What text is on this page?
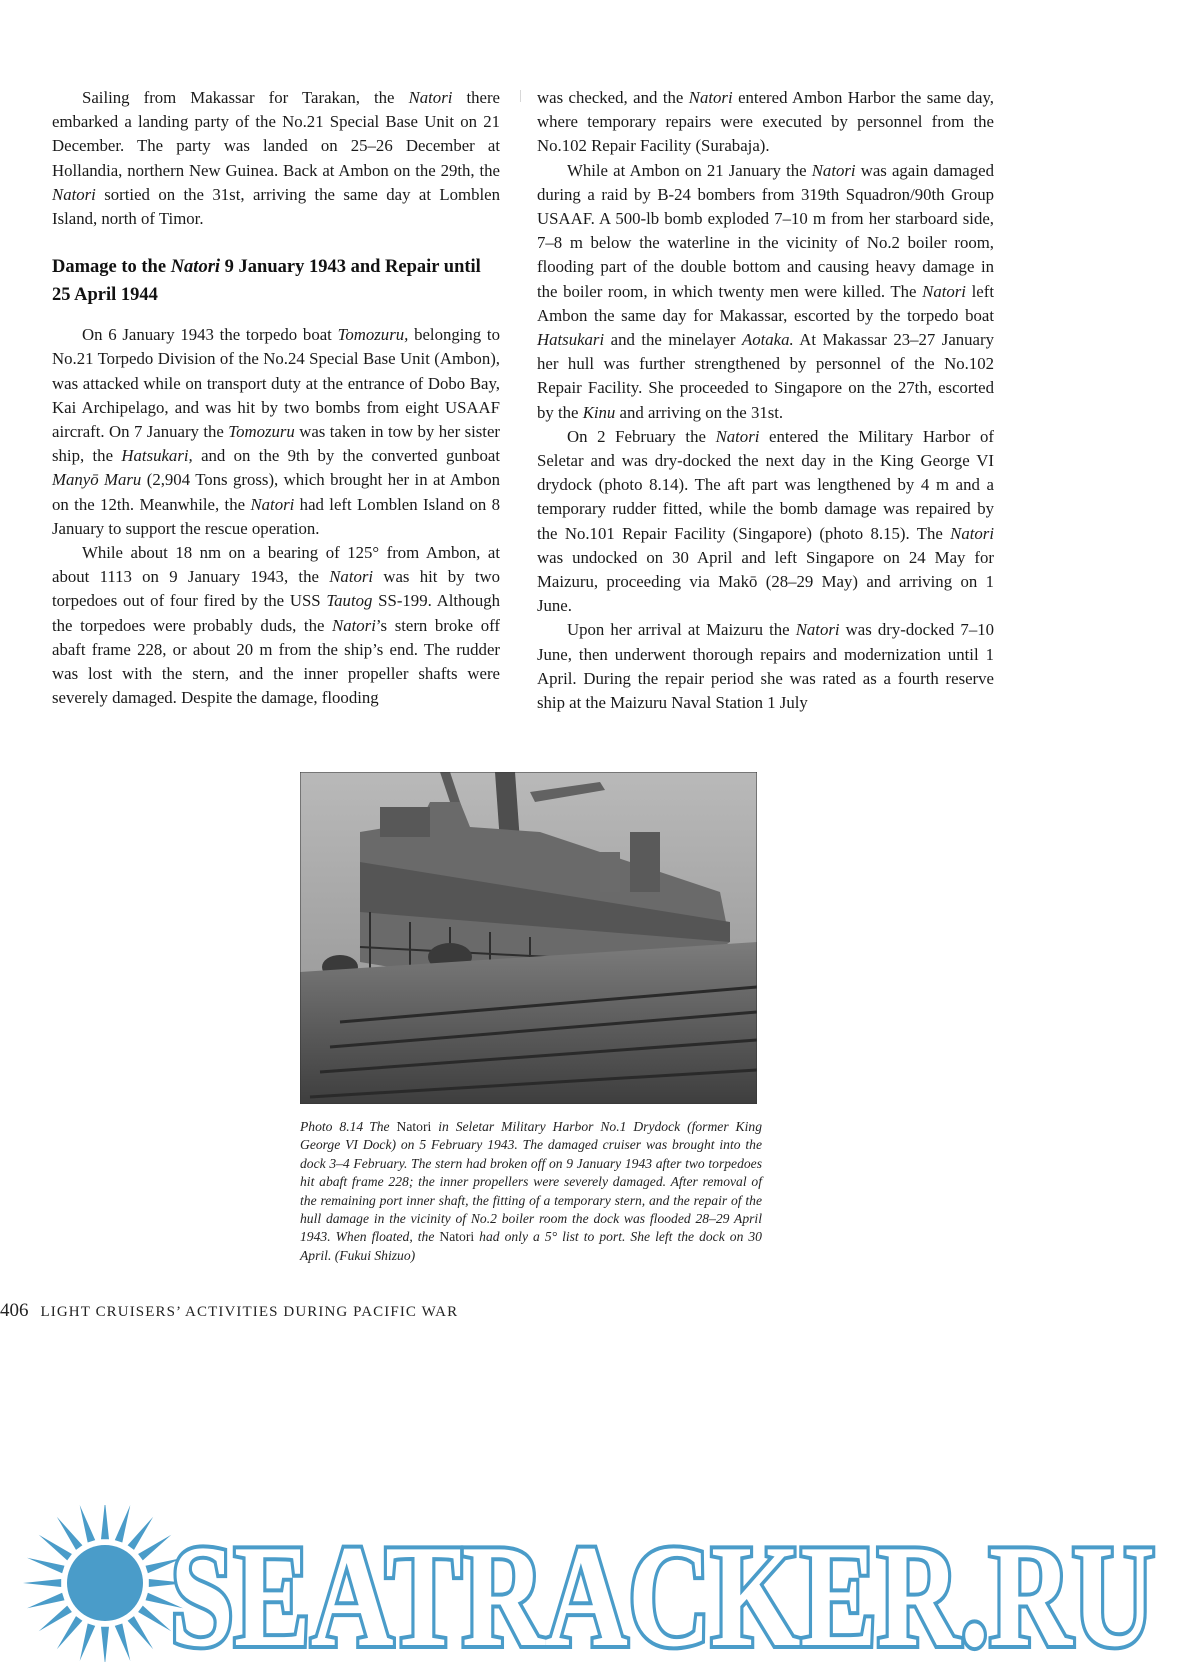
Sailing from Makassar for Tarakan, the Natori there embarked a landing party of the No.21 Special Base Unit on 21 December. The party was landed on 25–26 December at Hollandia, northern New Guinea. Back at Ambon on the 29th, the Natori sortied on the 31st, arriving the same day at Lomblen Island, north of Timor.

Damage to the Natori 9 January 1943 and Repair until 25 April 1944

On 6 January 1943 the torpedo boat Tomozuru, belonging to No.21 Torpedo Division of the No.24 Special Base Unit (Ambon), was attacked while on transport duty at the entrance of Dobo Bay, Kai Archipelago, and was hit by two bombs from eight USAAF aircraft. On 7 January the Tomozuru was taken in tow by her sister ship, the Hatsukari, and on the 9th by the converted gunboat Manyō Maru (2,904 Tons gross), which brought her in at Ambon on the 12th. Meanwhile, the Natori had left Lomblen Island on 8 January to support the rescue operation.

While about 18 nm on a bearing of 125° from Ambon, at about 1113 on 9 January 1943, the Natori was hit by two torpedoes out of four fired by the USS Tautog SS-199. Although the torpedoes were probably duds, the Natori’s stern broke off abaft frame 228, or about 20 m from the ship’s end. The rudder was lost with the stern, and the inner propeller shafts were severely damaged. Despite the damage, flooding

was checked, and the Natori entered Ambon Harbor the same day, where temporary repairs were executed by personnel from the No.102 Repair Facility (Surabaja).

While at Ambon on 21 January the Natori was again damaged during a raid by B-24 bombers from 319th Squadron/90th Group USAAF. A 500-lb bomb exploded 7–10 m from her starboard side, 7–8 m below the waterline in the vicinity of No.2 boiler room, flooding part of the double bottom and causing heavy damage in the boiler room, in which twenty men were killed. The Natori left Ambon the same day for Makassar, escorted by the torpedo boat Hatsukari and the minelayer Aotaka. At Makassar 23–27 January her hull was further strengthened by personnel of the No.102 Repair Facility. She proceeded to Singapore on the 27th, escorted by the Kinu and arriving on the 31st.

On 2 February the Natori entered the Military Harbor of Seletar and was dry-docked the next day in the King George VI drydock (photo 8.14). The aft part was lengthened by 4 m and a temporary rudder fitted, while the bomb damage was repaired by the No.101 Repair Facility (Singapore) (photo 8.15). The Natori was undocked on 30 April and left Singapore on 24 May for Maizuru, proceeding via Makō (28–29 May) and arriving on 1 June.

Upon her arrival at Maizuru the Natori was dry-docked 7–10 June, then underwent thorough repairs and modernization until 1 April. During the repair period she was rated as a fourth reserve ship at the Maizuru Naval Station 1 July

Photo 8.14 The Natori in Seletar Military Harbor No.1 Drydock (former King George VI Dock) on 5 February 1943. The damaged cruiser was brought into the dock 3–4 February. The stern had broken off on 9 January 1943 after two torpedoes hit abaft frame 228; the inner propellers were severely damaged. After removal of the remaining port inner shaft, the fitting of a temporary stern, and the repair of the hull damage in the vicinity of No.2 boiler room the dock was flooded 28–29 April 1943. When floated, the Natori had only a 5° list to port. She left the dock on 30 April. (Fukui Shizuo)
406 LIGHT CRUISERS’ ACTIVITIES DURING PACIFIC WAR
SEATRACKER.RU
